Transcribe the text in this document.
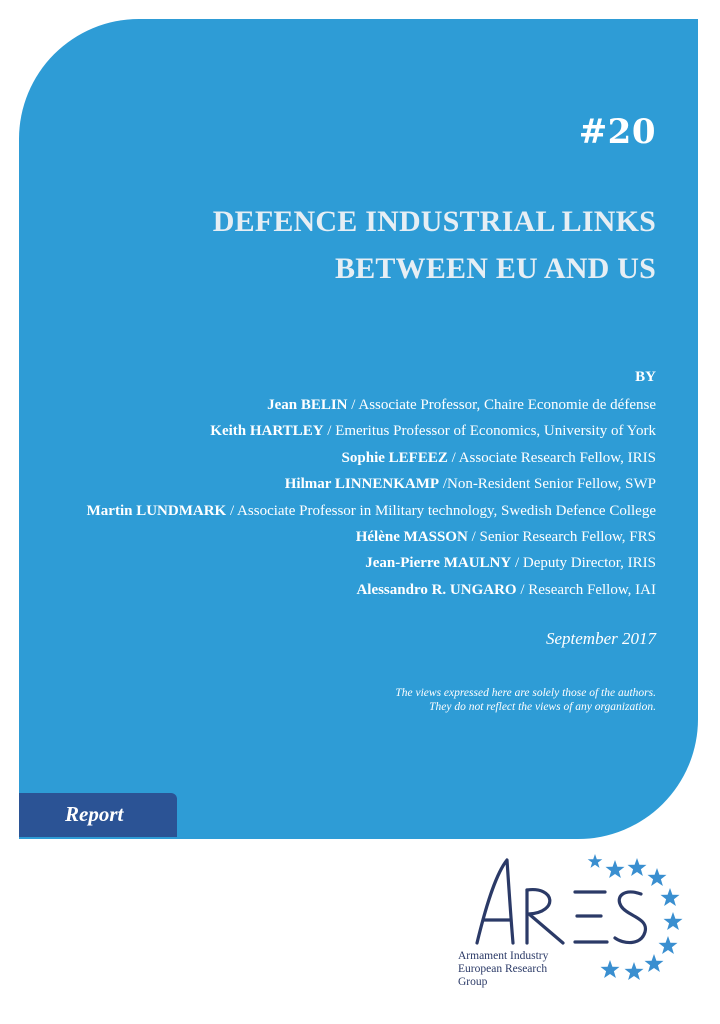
#20
DEFENCE INDUSTRIAL LINKS
BETWEEN EU AND US
BY
Jean BELIN / Associate Professor, Chaire Economie de défense
Keith HARTLEY / Emeritus Professor of Economics, University of York
Sophie LEFEEZ / Associate Research Fellow, IRIS
Hilmar LINNENKAMP /Non-Resident Senior Fellow, SWP
Martin LUNDMARK / Associate Professor in Military technology, Swedish Defence College
Hélène MASSON / Senior Research Fellow, FRS
Jean-Pierre MAULNY / Deputy Director, IRIS
Alessandro R. UNGARO / Research Fellow, IAI
September 2017
The views expressed here are solely those of the authors.
They do not reflect the views of any organization.
Report
Armament Industry
European Research
Group
